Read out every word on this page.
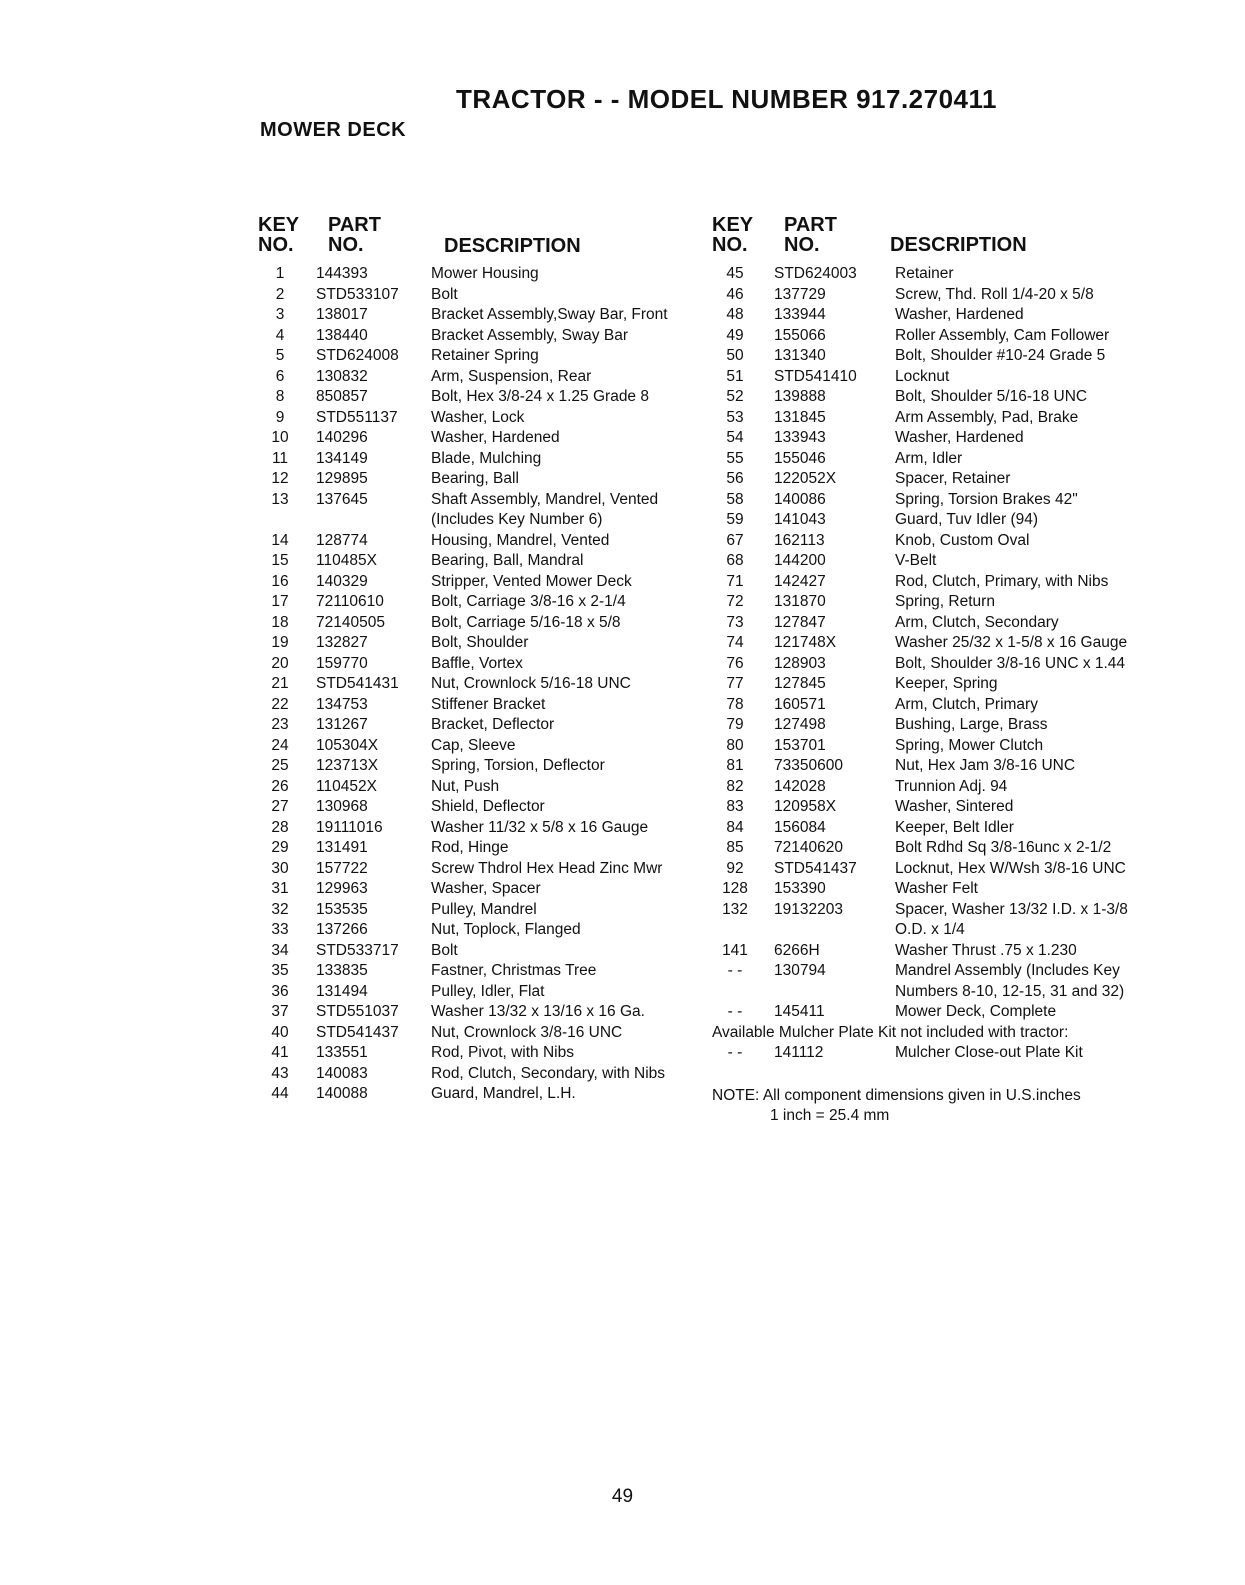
TRACTOR - - MODEL NUMBER 917.270411
MOWER DECK
KEY
NO.
PART
NO.	DESCRIPTION
1	144393	Mower Housing
2	STD533107	Bolt
3	138017	Bracket Assembly,Sway Bar, Front
4	138440	Bracket Assembly, Sway Bar
5	STD624008	Retainer Spring
6	130832	Arm, Suspension, Rear
8	850857	Bolt, Hex 3/8-24 x 1.25 Grade 8
9	STD551137	Washer, Lock
10	140296	Washer, Hardened
11	134149	Blade, Mulching
12	129895	Bearing, Ball
13	137645	Shaft Assembly, Mandrel, Vented (Includes Key Number 6)
14	128774	Housing, Mandrel, Vented
15	110485X	Bearing, Ball, Mandral
16	140329	Stripper, Vented Mower Deck
17	72110610	Bolt, Carriage 3/8-16 x 2-1/4
18	72140505	Bolt, Carriage 5/16-18 x 5/8
19	132827	Bolt, Shoulder
20	159770	Baffle, Vortex
21	STD541431	Nut, Crownlock 5/16-18 UNC
22	134753	Stiffener Bracket
23	131267	Bracket, Deflector
24	105304X	Cap, Sleeve
25	123713X	Spring, Torsion, Deflector
26	110452X	Nut, Push
27	130968	Shield, Deflector
28	19111016	Washer 11/32 x 5/8 x 16 Gauge
29	131491	Rod, Hinge
30	157722	Screw Thdrol Hex Head Zinc Mwr
31	129963	Washer, Spacer
32	153535	Pulley, Mandrel
33	137266	Nut, Toplock, Flanged
34	STD533717	Bolt
35	133835	Fastner, Christmas Tree
36	131494	Pulley, Idler, Flat
37	STD551037	Washer 13/32 x 13/16 x 16 Ga.
40	STD541437	Nut, Crownlock 3/8-16 UNC
41	133551	Rod, Pivot, with Nibs
43	140083	Rod, Clutch, Secondary, with Nibs
44	140088	Guard, Mandrel, L.H.
KEY
NO.
PART
NO.	DESCRIPTION
45	STD624003	Retainer
46	137729	Screw, Thd. Roll 1/4-20 x 5/8
48	133944	Washer, Hardened
49	155066	Roller Assembly, Cam Follower
50	131340	Bolt, Shoulder #10-24 Grade 5
51	STD541410	Locknut
52	139888	Bolt, Shoulder 5/16-18 UNC
53	131845	Arm Assembly, Pad, Brake
54	133943	Washer, Hardened
55	155046	Arm, Idler
56	122052X	Spacer, Retainer
58	140086	Spring, Torsion Brakes 42"
59	141043	Guard, Tuv Idler (94)
67	162113	Knob, Custom Oval
68	144200	V-Belt
71	142427	Rod, Clutch, Primary, with Nibs
72	131870	Spring, Return
73	127847	Arm, Clutch, Secondary
74	121748X	Washer 25/32 x 1-5/8 x 16 Gauge
76	128903	Bolt, Shoulder 3/8-16 UNC x 1.44
77	127845	Keeper, Spring
78	160571	Arm, Clutch, Primary
79	127498	Bushing, Large, Brass
80	153701	Spring, Mower Clutch
81	73350600	Nut, Hex Jam 3/8-16 UNC
82	142028	Trunnion Adj. 94
83	120958X	Washer, Sintered
84	156084	Keeper, Belt Idler
85	72140620	Bolt Rdhd Sq 3/8-16unc x 2-1/2
92	STD541437	Locknut, Hex W/Wsh 3/8-16 UNC
128	153390	Washer Felt
132	19132203	Spacer, Washer 13/32 I.D. x 1-3/8 O.D. x 1/4
141	6266H	Washer Thrust .75 x 1.230
- -	130794	Mandrel Assembly (Includes Key Numbers 8-10, 12-15, 31 and 32)
- -	145411	Mower Deck, Complete
Available Mulcher Plate Kit not included with tractor:
- -	141112	Mulcher Close-out Plate Kit
NOTE: All component dimensions given in U.S.inches
1 inch = 25.4 mm
49
